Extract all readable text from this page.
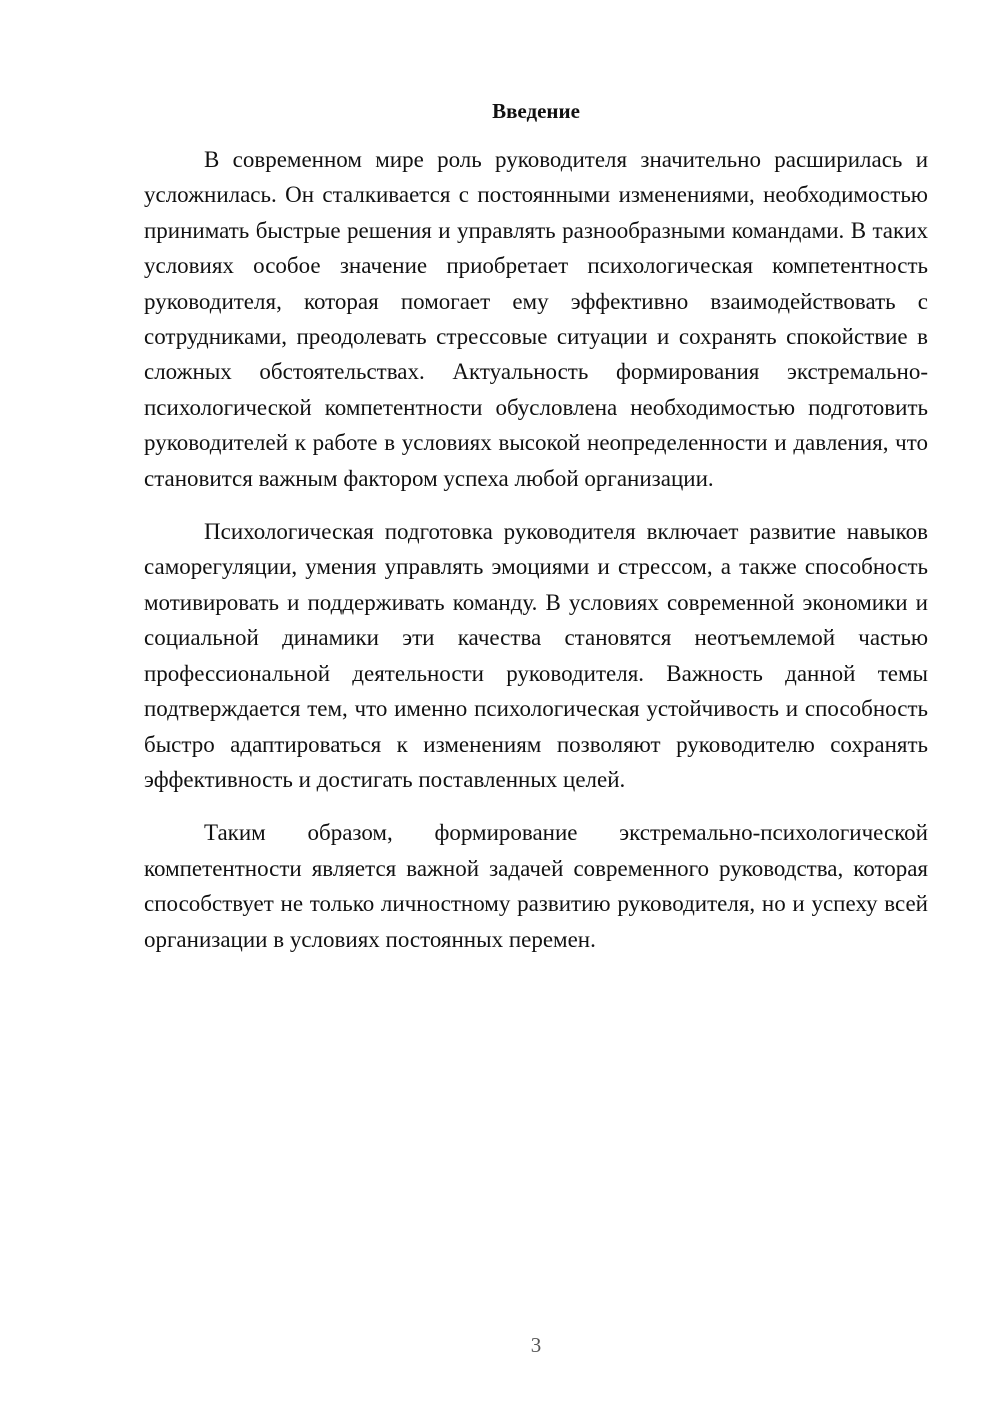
Введение

В современном мире роль руководителя значительно расширилась и усложнилась. Он сталкивается с постоянными изменениями, необходимостью принимать быстрые решения и управлять разнообразными командами. В таких условиях особое значение приобретает психологическая компетентность руководителя, которая помогает ему эффективно взаимодействовать с сотрудниками, преодолевать стрессовые ситуации и сохранять спокойствие в сложных обстоятельствах. Актуальность формирования экстремально-психологической компетентности обусловлена необходимостью подготовить руководителей к работе в условиях высокой неопределенности и давления, что становится важным фактором успеха любой организации.

Психологическая подготовка руководителя включает развитие навыков саморегуляции, умения управлять эмоциями и стрессом, а также способность мотивировать и поддерживать команду. В условиях современной экономики и социальной динамики эти качества становятся неотъемлемой частью профессиональной деятельности руководителя. Важность данной темы подтверждается тем, что именно психологическая устойчивость и способность быстро адаптироваться к изменениям позволяют руководителю сохранять эффективность и достигать поставленных целей.

Таким образом, формирование экстремально-психологической компетентности является важной задачей современного руководства, которая способствует не только личностному развитию руководителя, но и успеху всей организации в условиях постоянных перемен.

3
